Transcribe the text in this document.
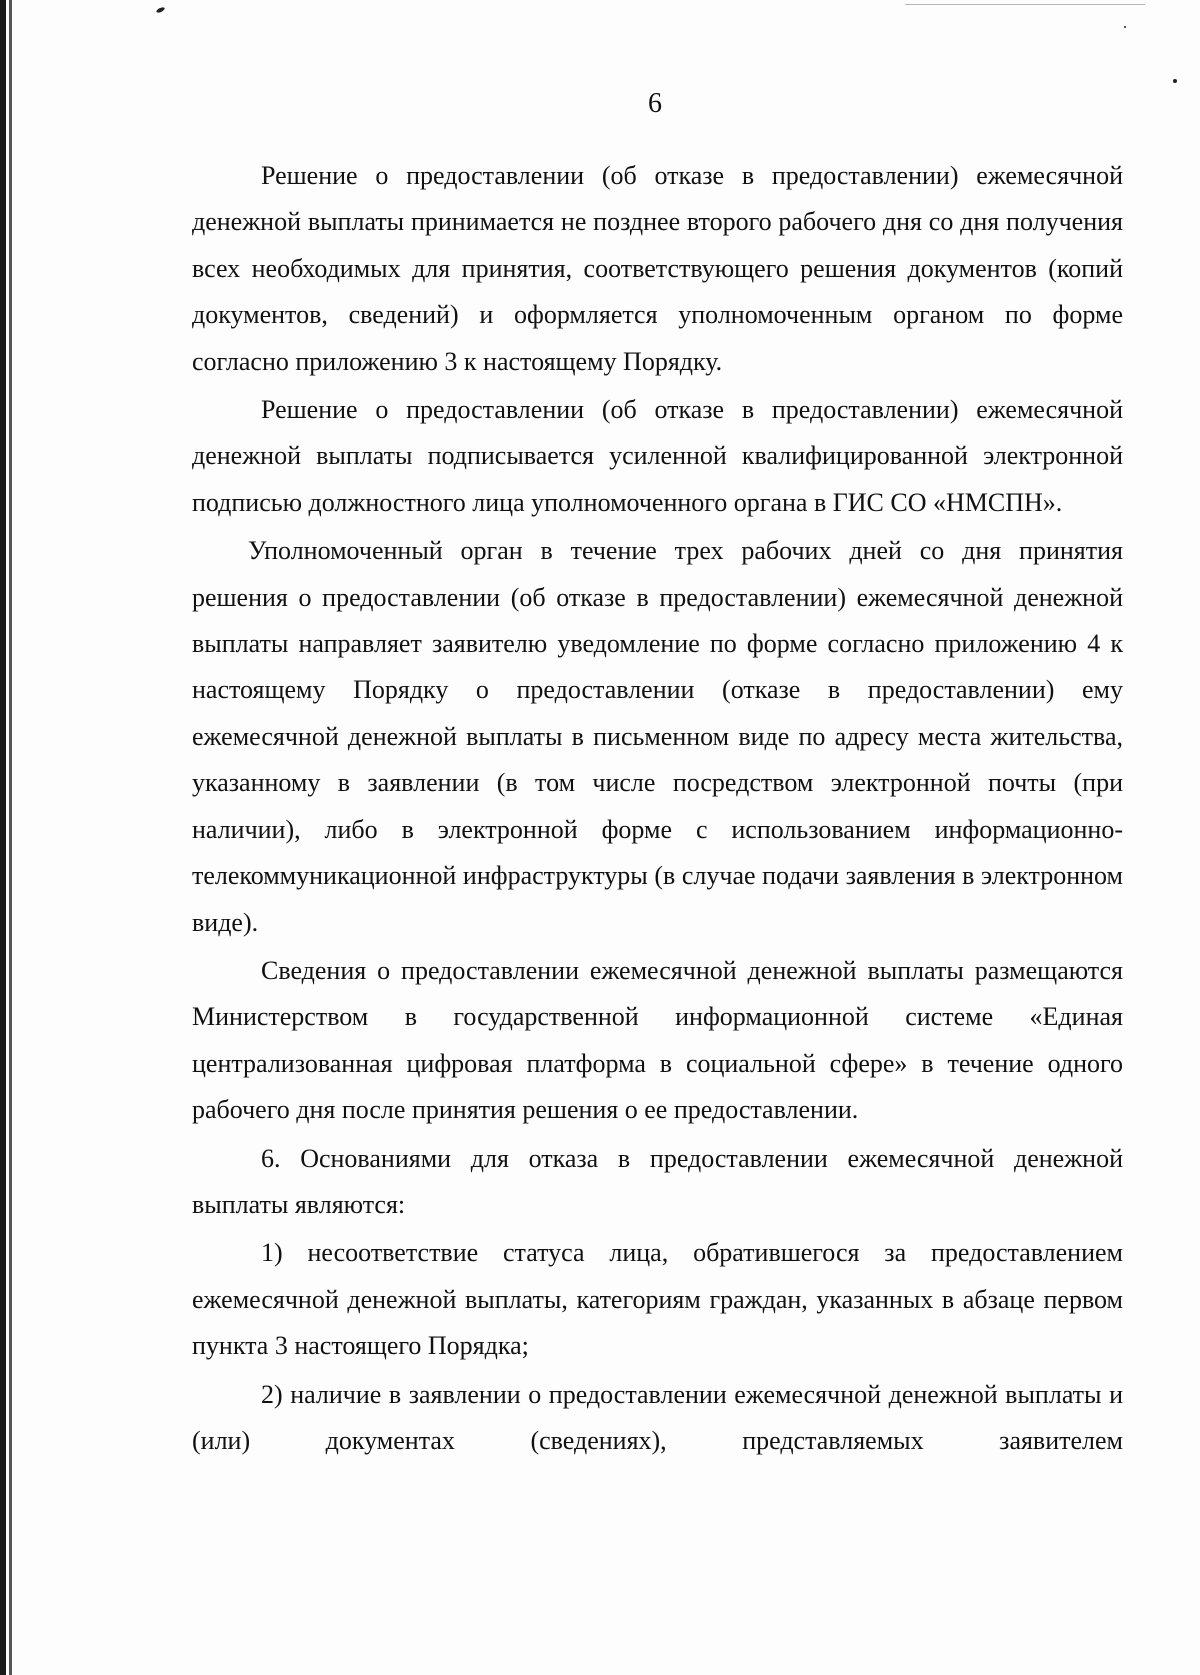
6

Решение о предоставлении (об отказе в предоставлении) ежемесячной денежной выплаты принимается не позднее второго рабочего дня со дня получения всех необходимых для принятия, соответствующего решения документов (копий документов, сведений) и оформляется уполномоченным органом по форме согласно приложению 3 к настоящему Порядку.

Решение о предоставлении (об отказе в предоставлении) ежемесячной денежной выплаты подписывается усиленной квалифицированной электронной подписью должностного лица уполномоченного органа в ГИС СО «НМСПН».

Уполномоченный орган в течение трех рабочих дней со дня принятия решения о предоставлении (об отказе в предоставлении) ежемесячной денежной выплаты направляет заявителю уведомление по форме согласно приложению 4 к настоящему Порядку о предоставлении (отказе в предоставлении) ему ежемесячной денежной выплаты в письменном виде по адресу места жительства, указанному в заявлении (в том числе посредством электронной почты (при наличии), либо в электронной форме с использованием информационно-телекоммуникационной инфраструктуры (в случае подачи заявления в электронном виде).

Сведения о предоставлении ежемесячной денежной выплаты размещаются Министерством в государственной информационной системе «Единая централизованная цифровая платформа в социальной сфере» в течение одного рабочего дня после принятия решения о ее предоставлении.

6. Основаниями для отказа в предоставлении ежемесячной денежной выплаты являются:

1) несоответствие статуса лица, обратившегося за предоставлением ежемесячной денежной выплаты, категориям граждан, указанных в абзаце первом пункта 3 настоящего Порядка;

2) наличие в заявлении о предоставлении ежемесячной денежной выплаты и (или) документах (сведениях), представляемых заявителем
